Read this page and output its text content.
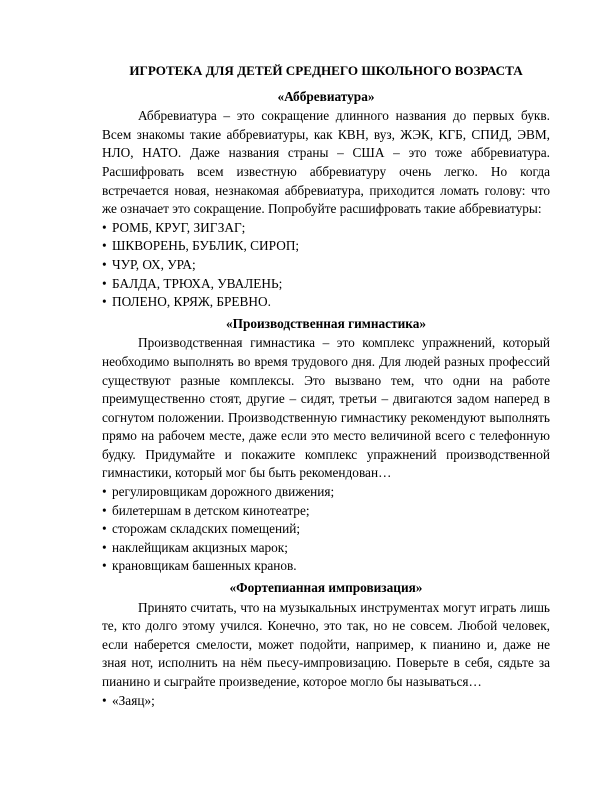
ИГРОТЕКА ДЛЯ ДЕТЕЙ СРЕДНЕГО ШКОЛЬНОГО ВОЗРАСТА
«Аббревиатура»

Аббревиатура – это сокращение длинного названия до первых букв. Всем знакомы такие аббревиатуры, как КВН, вуз, ЖЭК, КГБ, СПИД, ЭВМ, НЛО, НАТО. Даже названия страны – США – это тоже аббревиатура. Расшифровать всем известную аббревиатуру очень легко. Но когда встречается новая, незнакомая аббревиатура, приходится ломать голову: что же означает это сокращение. Попробуйте расшифровать такие аббревиатуры:

• РОМБ, КРУГ, ЗИГЗАГ;
• ШКВОРЕНЬ, БУБЛИК, СИРОП;
• ЧУР, ОХ, УРА;
• БАЛДА, ТРЮХА, УВАЛЕНЬ;
• ПОЛЕНО, КРЯЖ, БРЕВНО.
«Производственная гимнастика»

Производственная гимнастика – это комплекс упражнений, который необходимо выполнять во время трудового дня. Для людей разных профессий существуют разные комплексы. Это вызвано тем, что одни на работе преимущественно стоят, другие – сидят, третьи – двигаются задом наперед в согнутом положении. Производственную гимнастику рекомендуют выполнять прямо на рабочем месте, даже если это место величиной всего с телефонную будку. Придумайте и покажите комплекс упражнений производственной гимнастики, который мог бы быть рекомендован…

• регулировщикам дорожного движения;
• билетершам в детском кинотеатре;
• сторожам складских помещений;
• наклейщикам акцизных марок;
• крановщикам башенных кранов.
«Фортепианная импровизация»

Принято считать, что на музыкальных инструментах могут играть лишь те, кто долго этому учился. Конечно, это так, но не совсем. Любой человек, если наберется смелости, может подойти, например, к пианино и, даже не зная нот, исполнить на нём пьесу-импровизацию. Поверьте в себя, сядьте за пианино и сыграйте произведение, которое могло бы называться…

• «Заяц»;
